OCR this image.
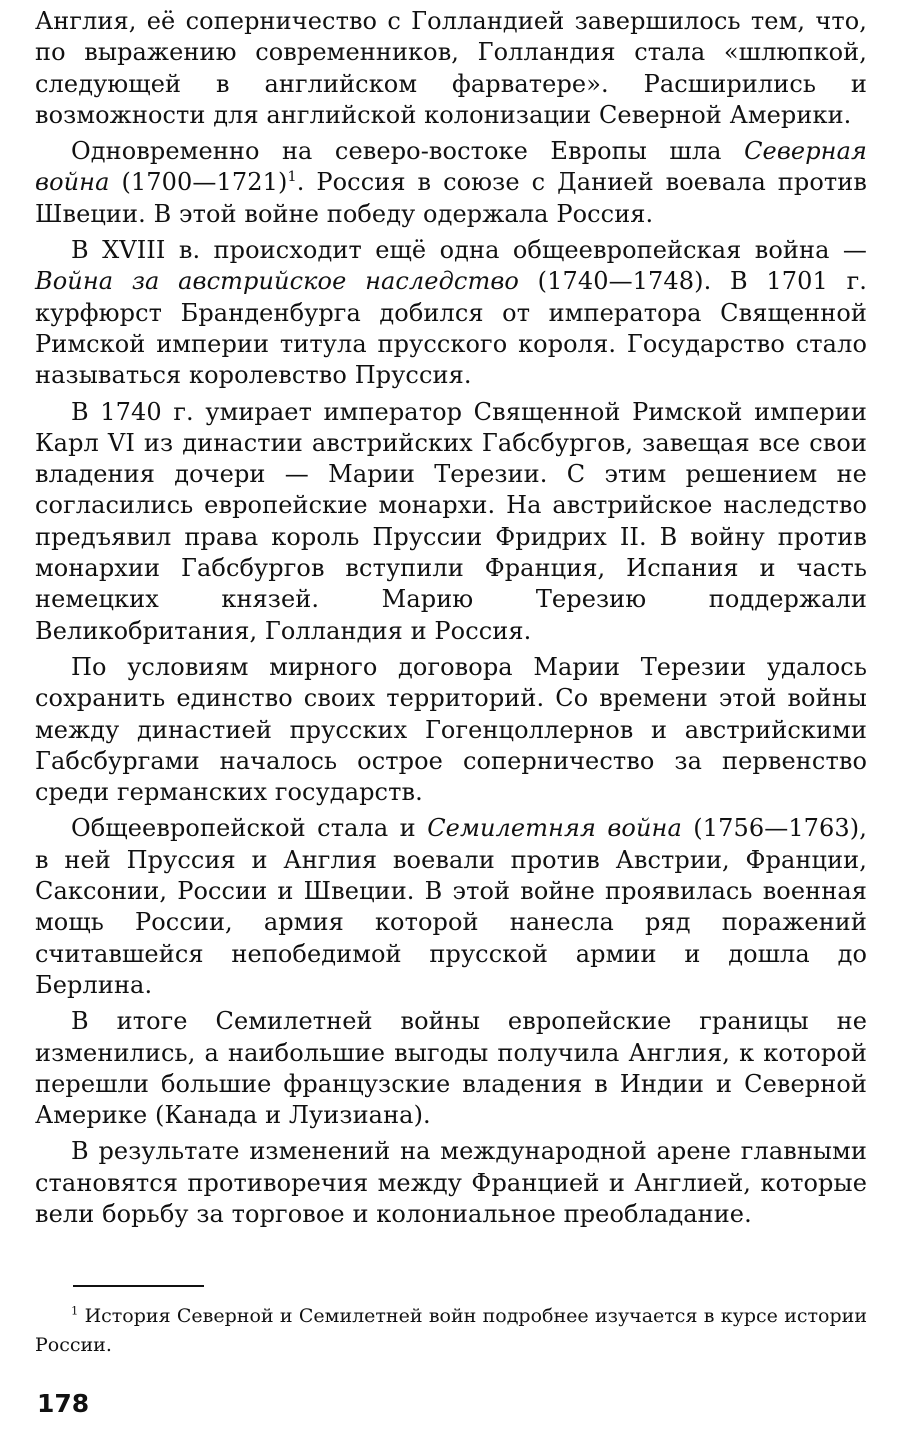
Англия, её соперничество с Голландией завершилось тем, что, по выражению современников, Голландия стала «шлюпкой, следующей в английском фарватере». Расширились и возможности для английской колонизации Северной Америки.

Одновременно на северо-востоке Европы шла Северная война (1700—1721)$^1$. Россия в союзе с Данией воевала против Швеции. В этой войне победу одержала Россия.

В XVIII в. происходит ещё одна общеевропейская война — Война за австрийское наследство (1740—1748). В 1701 г. курфюрст Бранденбурга добился от императора Священной Римской империи титула прусского короля. Государство стало называться королевство Пруссия.

В 1740 г. умирает император Священной Римской империи Карл VI из династии австрийских Габсбургов, завещая все свои владения дочери — Марии Терезии. С этим решением не согласились европейские монархи. На австрийское наследство предъявил права король Пруссии Фридрих II. В войну против монархии Габсбургов вступили Франция, Испания и часть немецких князей. Марию Терезию поддержали Великобритания, Голландия и Россия.

По условиям мирного договора Марии Терезии удалось сохранить единство своих территорий. Со времени этой войны между династией прусских Гогенцоллернов и австрийскими Габсбургами началось острое соперничество за первенство среди германских государств.

Общеевропейской стала и Семилетняя война (1756—1763), в ней Пруссия и Англия воевали против Австрии, Франции, Саксонии, России и Швеции. В этой войне проявилась военная мощь России, армия которой нанесла ряд поражений считавшейся непобедимой прусской армии и дошла до Берлина.

В итоге Семилетней войны европейские границы не изменились, а наибольшие выгоды получила Англия, к которой перешли большие французские владения в Индии и Северной Америке (Канада и Луизиана).

В результате изменений на международной арене главными становятся противоречия между Францией и Англией, которые вели борьбу за торговое и колониальное преобладание.

$^1$ История Северной и Семилетней войн подробнее изучается в курсе истории России.

178
